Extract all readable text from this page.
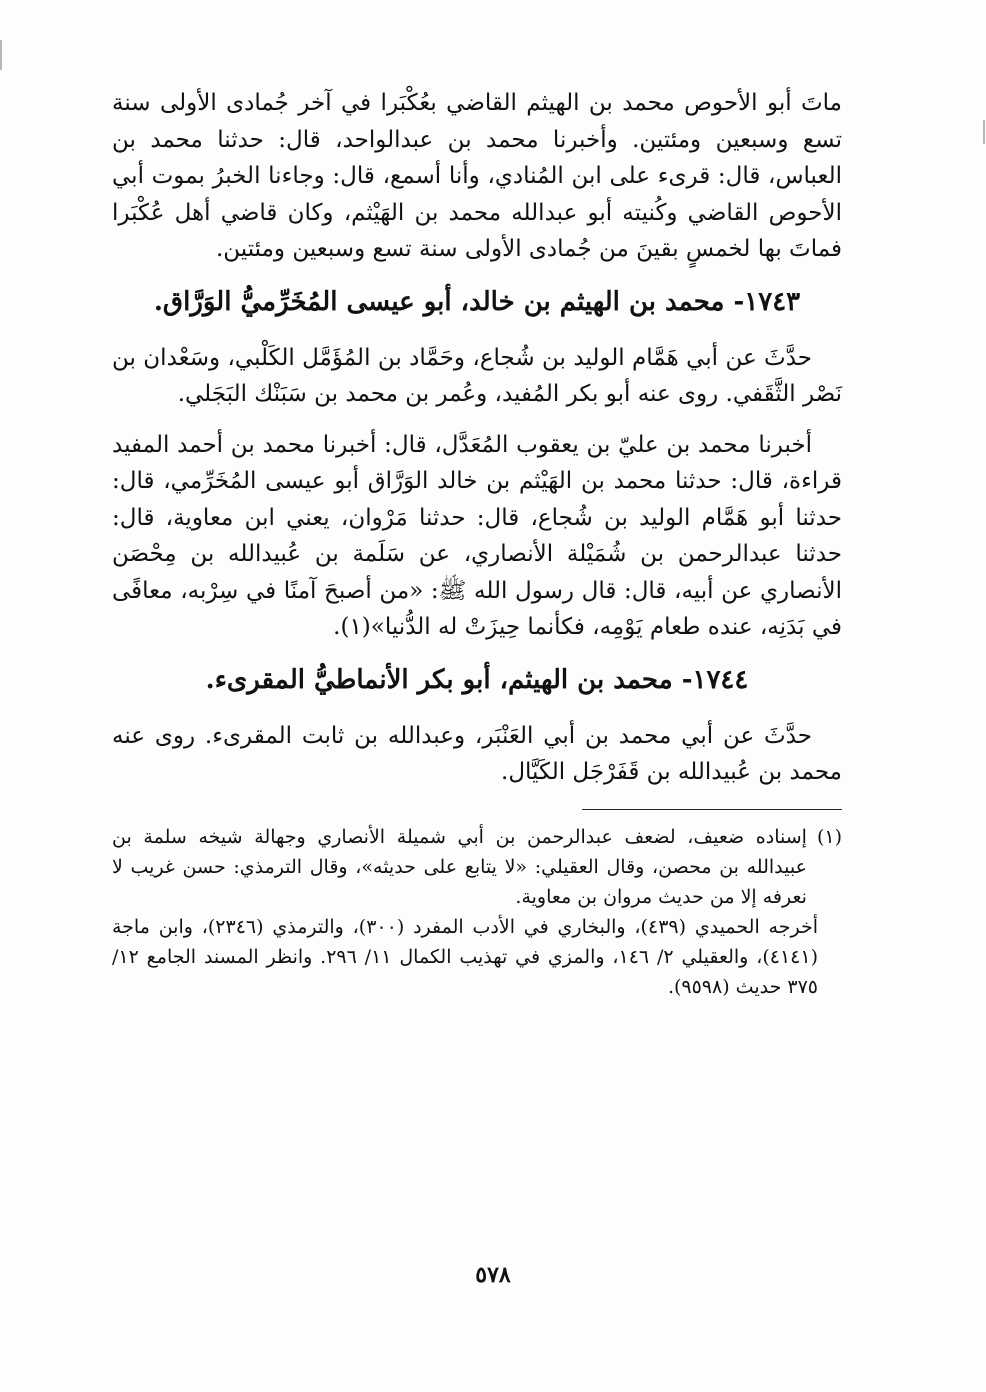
ماتَ أبو الأحوص محمد بن الهيثم القاضي بعُكْبَرا في آخر جُمادى الأولى سنة تسع وسبعين ومئتين. وأخبرنا محمد بن عبدالواحد، قال: حدثنا محمد بن العباس، قال: قرىء على ابن المُنادي، وأنا أسمع، قال: وجاءنا الخبرُ بموت أبي الأحوص القاضي وكُنيته أبو عبدالله محمد بن الهَيْثم، وكان قاضي أهل عُكْبَرا فماتَ بها لخمسٍ بقينَ من جُمادى الأولى سنة تسع وسبعين ومئتين.

١٧٤٣- محمد بن الهيثم بن خالد، أبو عيسى المُخَرِّميُّ الوَرَّاق.

حدَّثَ عن أبي هَمَّام الوليد بن شُجاع، وحَمَّاد بن المُؤَمَّل الكَلْبي، وسَعْدان بن نَصْر الثَّقَفي. روى عنه أبو بكر المُفيد، وعُمر بن محمد بن سَبَنْك البَجَلي.

أخبرنا محمد بن عليّ بن يعقوب المُعَدَّل، قال: أخبرنا محمد بن أحمد المفيد قراءة، قال: حدثنا محمد بن الهَيْثم بن خالد الوَرَّاق أبو عيسى المُخَرِّمي، قال: حدثنا أبو هَمَّام الوليد بن شُجاع، قال: حدثنا مَرْوان، يعني ابن معاوية، قال: حدثنا عبدالرحمن بن شُمَيْلة الأنصاري، عن سَلَمة بن عُبيدالله بن مِحْصَن الأنصاري عن أبيه، قال: قال رسول الله ﷺ: «من أصبحَ آمنًا في سِرْبه، معافًى في بَدَنِه، عنده طعام يَوْمِه، فكأنما حِيزَتْ له الدُّنيا»(١).

١٧٤٤- محمد بن الهيثم، أبو بكر الأنماطيُّ المقرىء.

حدَّثَ عن أبي محمد بن أبي العَنْبَر، وعبدالله بن ثابت المقرىء. روى عنه محمد بن عُبيدالله بن قَفَرْجَل الكَيَّال.

(١)
إسناده ضعيف، لضعف عبدالرحمن بن أبي شميلة الأنصاري وجهالة شيخه سلمة بن عبيدالله بن محصن، وقال العقيلي: «لا يتابع على حديثه»، وقال الترمذي: حسن غريب لا نعرفه إلا من حديث مروان بن معاوية.
أخرجه الحميدي (٤٣٩)، والبخاري في الأدب المفرد (٣٠٠)، والترمذي (٢٣٤٦)، وابن ماجة (٤١٤١)، والعقيلي ٢/ ١٤٦، والمزي في تهذيب الكمال ١١/ ٢٩٦. وانظر المسند الجامع ١٢/ ٣٧٥ حديث (٩٥٩٨).
٥٧٨
